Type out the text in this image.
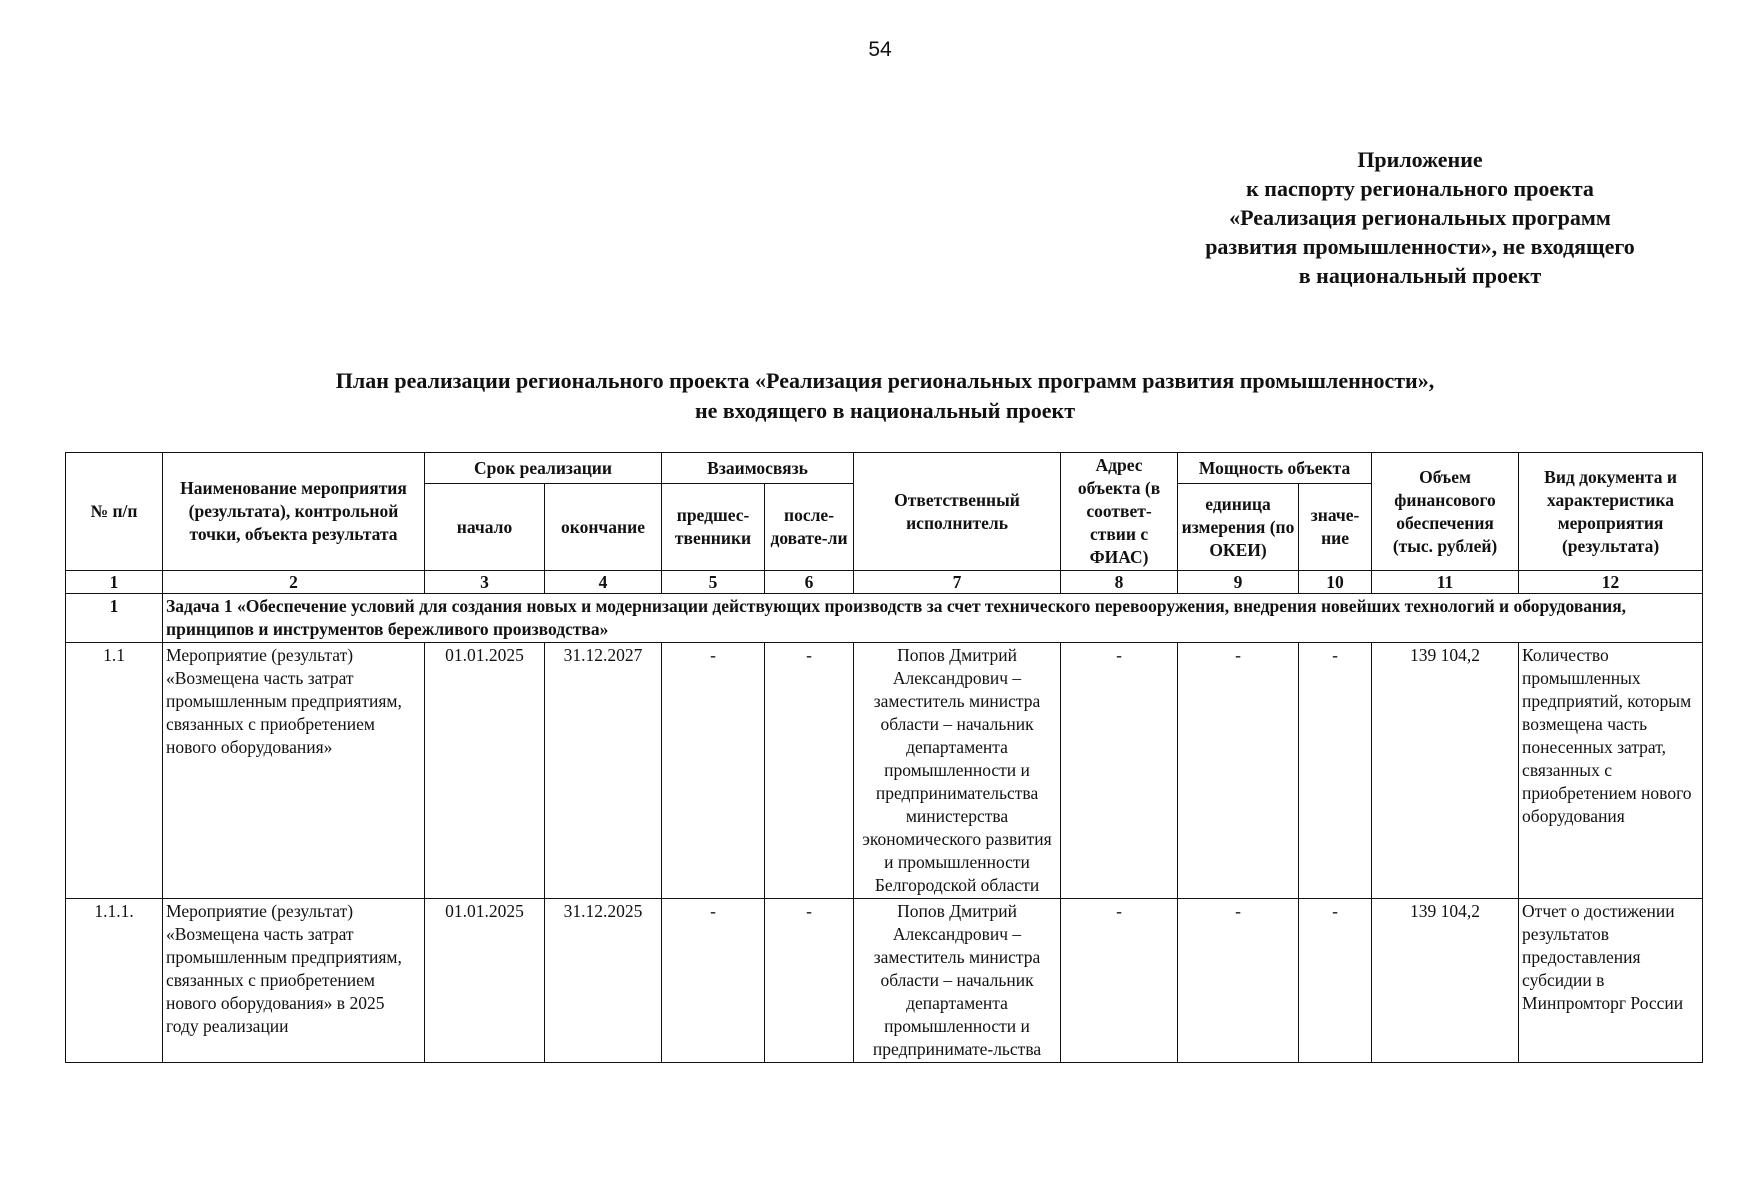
54
Приложение
к паспорту регионального проекта
«Реализация региональных программ
развития промышленности», не входящего
в национальный проект
План реализации регионального проекта «Реализация региональных программ развития промышленности»,
не входящего в национальный проект
№ п/п	Наименование мероприятия (результата), контрольной точки, объекта результата	Срок реализации		Взаимосвязь		Ответственный исполнитель	Адрес объекта (в соответ-ствии с ФИАС)	Мощность объекта		Объем финансового обеспечения (тыс. рублей)	Вид документа и характеристика мероприятия (результата)
		начало	окончание	предшес-твенники	после-довате-ли			единица измерения (по ОКЕИ)	значе-ние		
1	2	3	4	5	6	7	8	9	10	11	12
1	Задача 1 «Обеспечение условий для создания новых и модернизации действующих производств за счет технического перевооружения, внедрения новейших технологий и оборудования, принципов и инструментов бережливого производства»										
1.1	Мероприятие (результат) «Возмещена часть затрат промышленным предприятиям, связанных с приобретением нового оборудования»	01.01.2025	31.12.2027	-	-	Попов Дмитрий Александрович – заместитель министра области – начальник департамента промышленности и предпринимательства министерства экономического развития и промышленности Белгородской области	-	-	-	139 104,2	Количество промышленных предприятий, которым возмещена часть понесенных затрат, связанных с приобретением нового оборудования
1.1.1.	Мероприятие (результат) «Возмещена часть затрат промышленным предприятиям, связанных с приобретением нового оборудования» в 2025 году реализации	01.01.2025	31.12.2025	-	-	Попов Дмитрий Александрович – заместитель министра области – начальник департамента промышленности и предпринимате-льства	-	-	-	139 104,2	Отчет о достижении результатов предоставления субсидии в Минпромторг России
